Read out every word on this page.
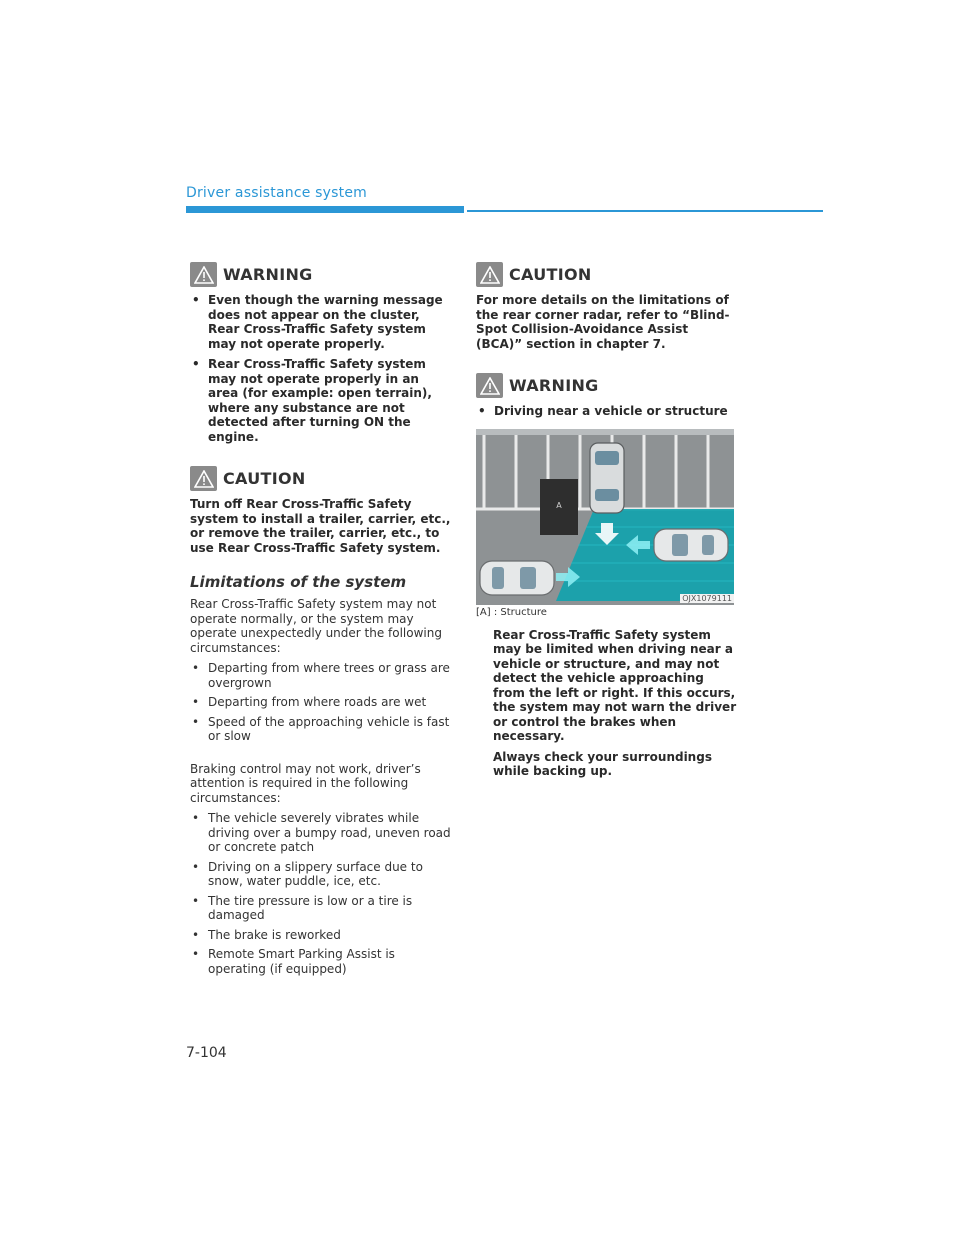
Driver assistance system
WARNING
• Even though the warning message does not appear on the cluster, Rear Cross-Traffic Safety system may not operate properly.
• Rear Cross-Traffic Safety system may not operate properly in an area (for example: open terrain), where any substance are not detected after turning ON the engine.
CAUTION

Turn off Rear Cross-Traffic Safety system to install a trailer, carrier, etc., or remove the trailer, carrier, etc., to use Rear Cross-Traffic Safety system.

Limitations of the system

Rear Cross-Traffic Safety system may not operate normally, or the system may operate unexpectedly under the following circumstances:

• Departing from where trees or grass are overgrown
• Departing from where roads are wet
• Speed of the approaching vehicle is fast or slow

Braking control may not work, driver’s attention is required in the following circumstances:

• The vehicle severely vibrates while driving over a bumpy road, uneven road or concrete patch
• Driving on a slippery surface due to snow, water puddle, ice, etc.
• The tire pressure is low or a tire is damaged
• The brake is reworked
• Remote Smart Parking Assist is operating (if equipped)
CAUTION

For more details on the limitations of the rear corner radar, refer to “Blind-Spot Collision-Avoidance Assist (BCA)” section in chapter 7.

WARNING
• Driving near a vehicle or structure
A
OJX1079111
[A] : Structure

Rear Cross-Traffic Safety system may be limited when driving near a vehicle or structure, and may not detect the vehicle approaching from the left or right. If this occurs, the system may not warn the driver or control the brakes when necessary.

Always check your surroundings while backing up.

7-104
